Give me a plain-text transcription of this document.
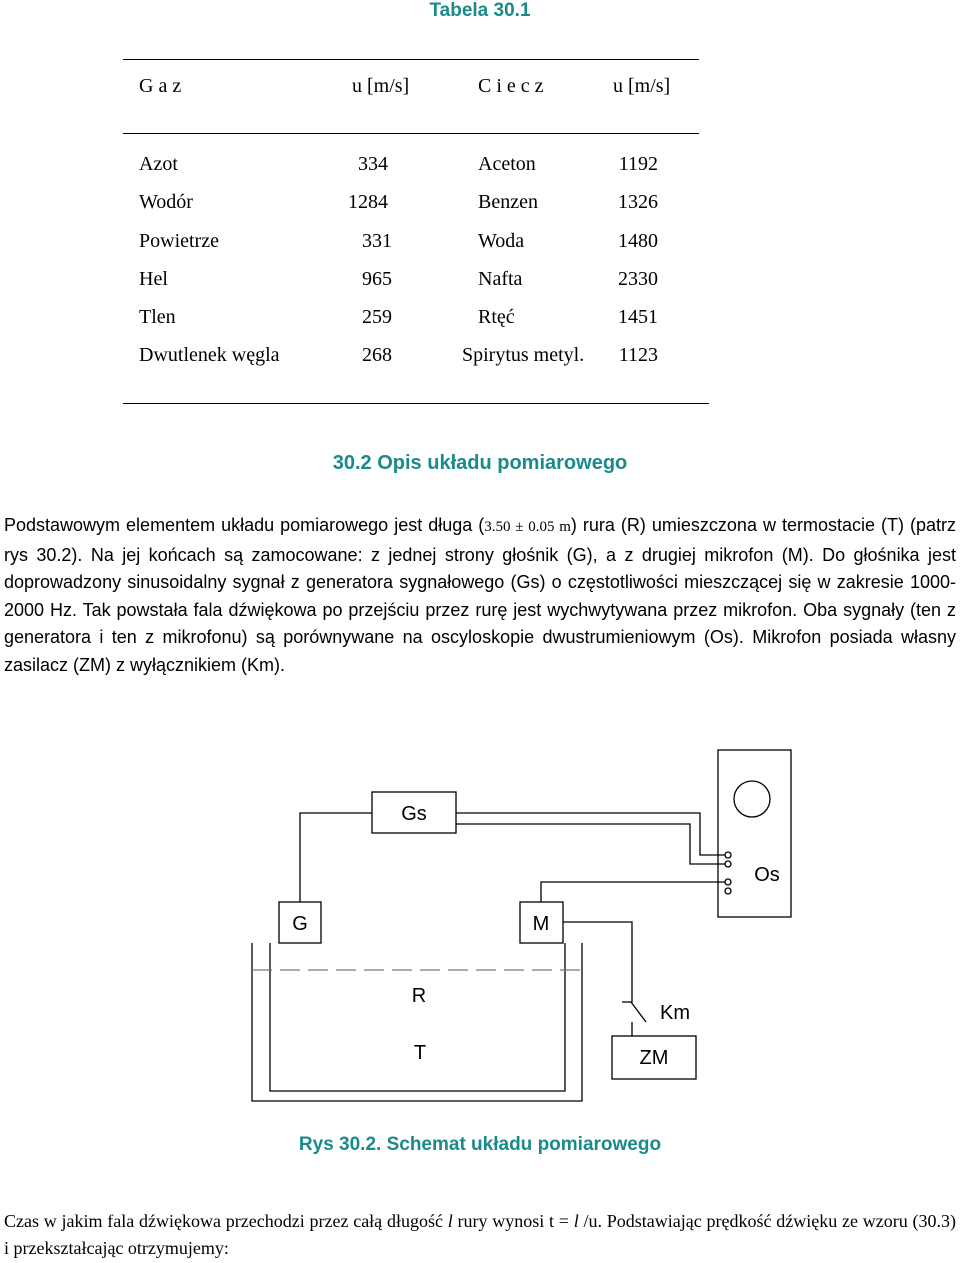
Tabela 30.1
G a z	u [m/s]	C i e c z	u [m/s]
Azot	334	Aceton	1192
Wodór	1284	Benzen	1326
Powietrze	331	Woda	1480
Hel	965	Nafta	2330
Tlen	259	Rtęć	1451
Dwutlenek węgla	268	Spirytus metyl.	1123
30.2 Opis układu pomiarowego
Podstawowym elementem układu pomiarowego jest długa (3.50 ± 0.05 m) rura (R) umieszczona w termostacie (T) (patrz rys 30.2). Na jej końcach są zamocowane: z jednej strony głośnik (G), a z drugiej mikrofon (M). Do głośnika jest doprowadzony sinusoidalny sygnał z generatora sygnałowego (Gs) o częstotliwości mieszczącej się w zakresie 1000-2000 Hz. Tak powstała fala dźwiękowa po przejściu przez rurę jest wychwytywana przez mikrofon. Oba sygnały (ten z generatora i ten z mikrofonu) są porównywane na oscyloskopie dwustrumieniowym (Os). Mikrofon posiada własny zasilacz (ZM) z wyłącznikiem (Km).
Gs
Os
G	M
R
T
Km
ZM
Rys 30.2. Schemat układu pomiarowego
Czas w jakim fala dźwiękowa przechodzi przez całą długość l rury wynosi t = l /u. Podstawiając prędkość dźwięku ze wzoru (30.3) i przekształcając otrzymujemy:
